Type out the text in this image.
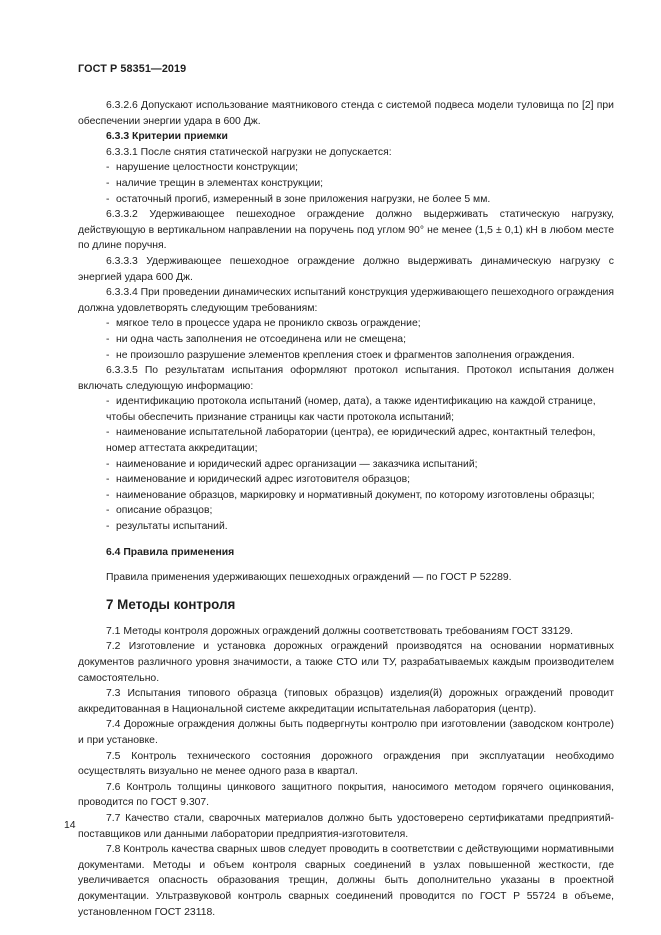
ГОСТ Р 58351—2019
6.3.2.6 Допускают использование маятникового стенда с системой подвеса модели туловища по [2] при обеспечении энергии удара в 600 Дж.
6.3.3 Критерии приемки
6.3.3.1 После снятия статической нагрузки не допускается:
- нарушение целостности конструкции;
- наличие трещин в элементах конструкции;
- остаточный прогиб, измеренный в зоне приложения нагрузки, не более 5 мм.
6.3.3.2 Удерживающее пешеходное ограждение должно выдерживать статическую нагрузку, действующую в вертикальном направлении на поручень под углом 90° не менее (1,5 ± 0,1) кН в любом месте по длине поручня.
6.3.3.3 Удерживающее пешеходное ограждение должно выдерживать динамическую нагрузку с энергией удара 600 Дж.
6.3.3.4 При проведении динамических испытаний конструкция удерживающего пешеходного ограждения должна удовлетворять следующим требованиям:
- мягкое тело в процессе удара не проникло сквозь ограждение;
- ни одна часть заполнения не отсоединена или не смещена;
- не произошло разрушение элементов крепления стоек и фрагментов заполнения ограждения.
6.3.3.5 По результатам испытания оформляют протокол испытания. Протокол испытания должен включать следующую информацию:
- идентификацию протокола испытаний (номер, дата), а также идентификацию на каждой странице, чтобы обеспечить признание страницы как части протокола испытаний;
- наименование испытательной лаборатории (центра), ее юридический адрес, контактный телефон, номер аттестата аккредитации;
- наименование и юридический адрес организации — заказчика испытаний;
- наименование и юридический адрес изготовителя образцов;
- наименование образцов, маркировку и нормативный документ, по которому изготовлены образцы;
- описание образцов;
- результаты испытаний.
6.4 Правила применения
Правила применения удерживающих пешеходных ограждений — по ГОСТ Р 52289.
7 Методы контроля
7.1 Методы контроля дорожных ограждений должны соответствовать требованиям ГОСТ 33129.
7.2 Изготовление и установка дорожных ограждений производятся на основании нормативных документов различного уровня значимости, а также СТО или ТУ, разрабатываемых каждым производителем самостоятельно.
7.3 Испытания типового образца (типовых образцов) изделия(й) дорожных ограждений проводит аккредитованная в Национальной системе аккредитации испытательная лаборатория (центр).
7.4 Дорожные ограждения должны быть подвергнуты контролю при изготовлении (заводском контроле) и при установке.
7.5 Контроль технического состояния дорожного ограждения при эксплуатации необходимо осуществлять визуально не менее одного раза в квартал.
7.6 Контроль толщины цинкового защитного покрытия, наносимого методом горячего оцинкования, проводится по ГОСТ 9.307.
7.7 Качество стали, сварочных материалов должно быть удостоверено сертификатами предприятий-поставщиков или данными лаборатории предприятия-изготовителя.
7.8 Контроль качества сварных швов следует проводить в соответствии с действующими нормативными документами. Методы и объем контроля сварных соединений в узлах повышенной жесткости, где увеличивается опасность образования трещин, должны быть дополнительно указаны в проектной документации. Ультразвуковой контроль сварных соединений проводится по ГОСТ Р 55724 в объеме, установленном ГОСТ 23118.
14
